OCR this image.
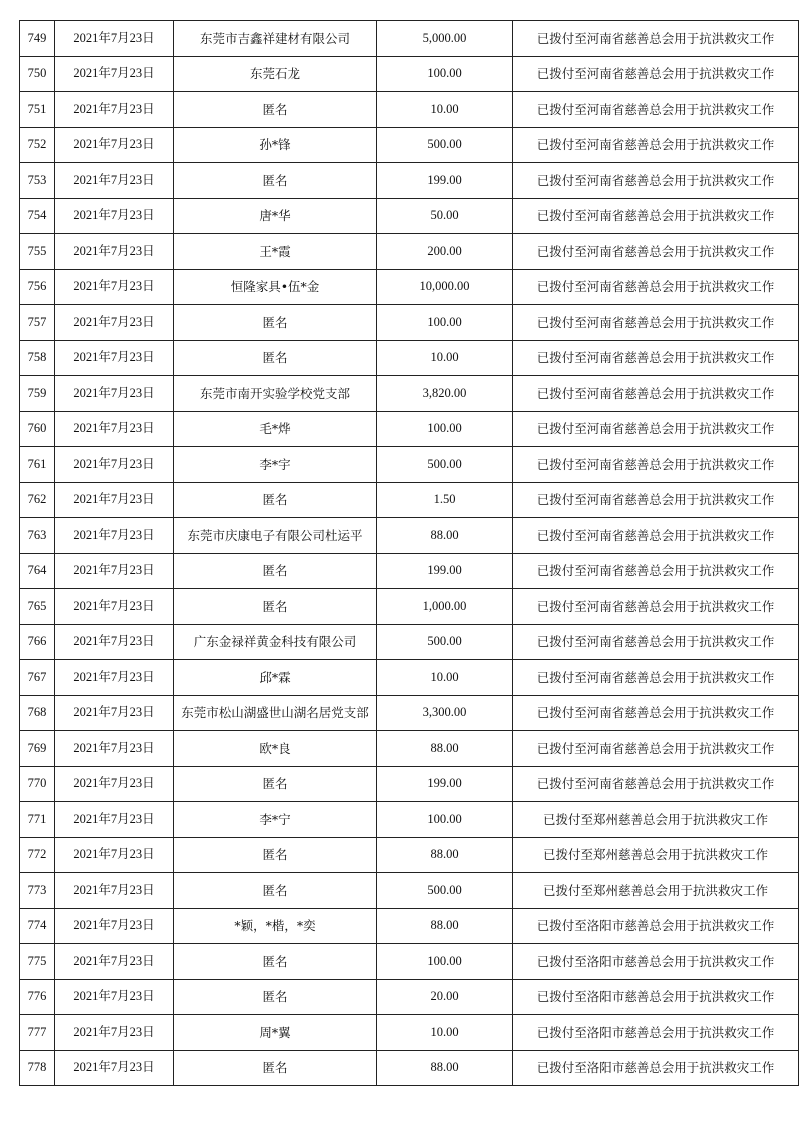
749	2021年7月23日	东莞市吉鑫祥建材有限公司	5,000.00	已拨付至河南省慈善总会用于抗洪救灾工作
750	2021年7月23日	东莞石龙	100.00	已拨付至河南省慈善总会用于抗洪救灾工作
751	2021年7月23日	匿名	10.00	已拨付至河南省慈善总会用于抗洪救灾工作
752	2021年7月23日	孙*锋	500.00	已拨付至河南省慈善总会用于抗洪救灾工作
753	2021年7月23日	匿名	199.00	已拨付至河南省慈善总会用于抗洪救灾工作
754	2021年7月23日	唐*华	50.00	已拨付至河南省慈善总会用于抗洪救灾工作
755	2021年7月23日	王*霞	200.00	已拨付至河南省慈善总会用于抗洪救灾工作
756	2021年7月23日	恒隆家具•伍*金	10,000.00	已拨付至河南省慈善总会用于抗洪救灾工作
757	2021年7月23日	匿名	100.00	已拨付至河南省慈善总会用于抗洪救灾工作
758	2021年7月23日	匿名	10.00	已拨付至河南省慈善总会用于抗洪救灾工作
759	2021年7月23日	东莞市南开实验学校党支部	3,820.00	已拨付至河南省慈善总会用于抗洪救灾工作
760	2021年7月23日	毛*烨	100.00	已拨付至河南省慈善总会用于抗洪救灾工作
761	2021年7月23日	李*宇	500.00	已拨付至河南省慈善总会用于抗洪救灾工作
762	2021年7月23日	匿名	1.50	已拨付至河南省慈善总会用于抗洪救灾工作
763	2021年7月23日	东莞市庆康电子有限公司杜运平	88.00	已拨付至河南省慈善总会用于抗洪救灾工作
764	2021年7月23日	匿名	199.00	已拨付至河南省慈善总会用于抗洪救灾工作
765	2021年7月23日	匿名	1,000.00	已拨付至河南省慈善总会用于抗洪救灾工作
766	2021年7月23日	广东金禄祥黄金科技有限公司	500.00	已拨付至河南省慈善总会用于抗洪救灾工作
767	2021年7月23日	邱*霖	10.00	已拨付至河南省慈善总会用于抗洪救灾工作
768	2021年7月23日	东莞市松山湖盛世山湖名居党支部	3,300.00	已拨付至河南省慈善总会用于抗洪救灾工作
769	2021年7月23日	欧*良	88.00	已拨付至河南省慈善总会用于抗洪救灾工作
770	2021年7月23日	匿名	199.00	已拨付至河南省慈善总会用于抗洪救灾工作
771	2021年7月23日	李*宁	100.00	已拨付至郑州慈善总会用于抗洪救灾工作
772	2021年7月23日	匿名	88.00	已拨付至郑州慈善总会用于抗洪救灾工作
773	2021年7月23日	匿名	500.00	已拨付至郑州慈善总会用于抗洪救灾工作
774	2021年7月23日	*颖，*楷，*奕	88.00	已拨付至洛阳市慈善总会用于抗洪救灾工作
775	2021年7月23日	匿名	100.00	已拨付至洛阳市慈善总会用于抗洪救灾工作
776	2021年7月23日	匿名	20.00	已拨付至洛阳市慈善总会用于抗洪救灾工作
777	2021年7月23日	周*翼	10.00	已拨付至洛阳市慈善总会用于抗洪救灾工作
778	2021年7月23日	匿名	88.00	已拨付至洛阳市慈善总会用于抗洪救灾工作
